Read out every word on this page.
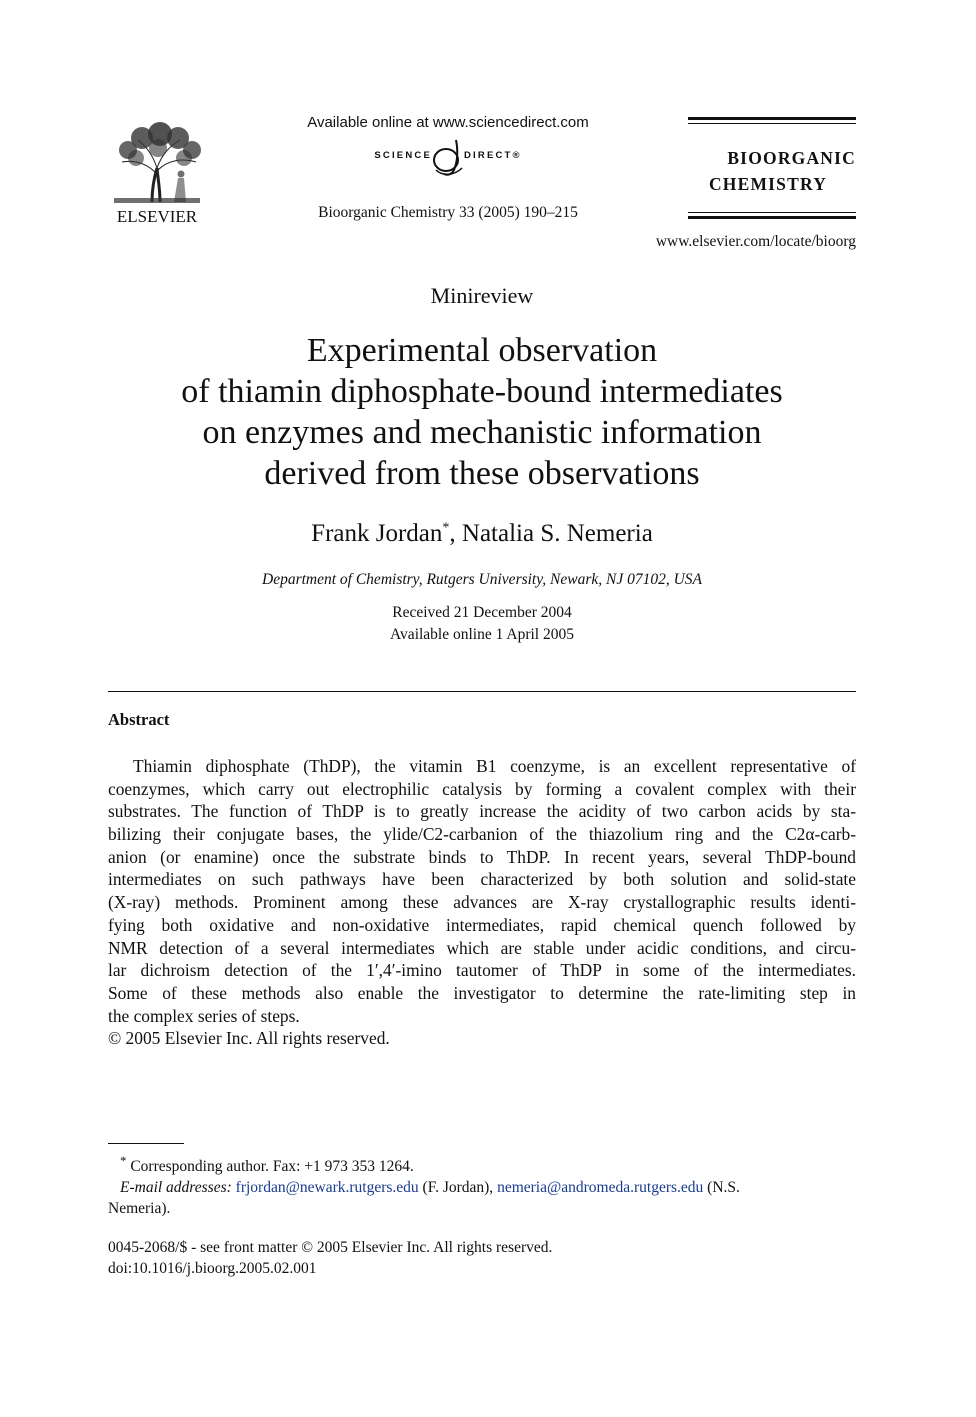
ELSEVIER
Available online at www.sciencedirect.com
SCIENCE	DIRECT®
Bioorganic Chemistry 33 (2005) 190–215
BIOORGANIC
CHEMISTRY
www.elsevier.com/locate/bioorg
Minireview
Experimental observation
of thiamin diphosphate-bound intermediates
on enzymes and mechanistic information
derived from these observations
Frank Jordan*, Natalia S. Nemeria
Department of Chemistry, Rutgers University, Newark, NJ 07102, USA
Received 21 December 2004
Available online 1 April 2005
Abstract
Thiamin diphosphate (ThDP), the vitamin B1 coenzyme, is an excellent representative of
coenzymes, which carry out electrophilic catalysis by forming a covalent complex with their
substrates. The function of ThDP is to greatly increase the acidity of two carbon acids by sta-
bilizing their conjugate bases, the ylide/C2-carbanion of the thiazolium ring and the C2α-carb-
anion (or enamine) once the substrate binds to ThDP. In recent years, several ThDP-bound
intermediates on such pathways have been characterized by both solution and solid-state
(X-ray) methods. Prominent among these advances are X-ray crystallographic results identi-
fying both oxidative and non-oxidative intermediates, rapid chemical quench followed by
NMR detection of a several intermediates which are stable under acidic conditions, and circu-
lar dichroism detection of the 1′,4′-imino tautomer of ThDP in some of the intermediates.
Some of these methods also enable the investigator to determine the rate-limiting step in
the complex series of steps.
© 2005 Elsevier Inc. All rights reserved.
* Corresponding author. Fax: +1 973 353 1264.
E-mail addresses: frjordan@newark.rutgers.edu (F. Jordan), nemeria@andromeda.rutgers.edu (N.S.
Nemeria).
0045-2068/$ - see front matter © 2005 Elsevier Inc. All rights reserved.
doi:10.1016/j.bioorg.2005.02.001
